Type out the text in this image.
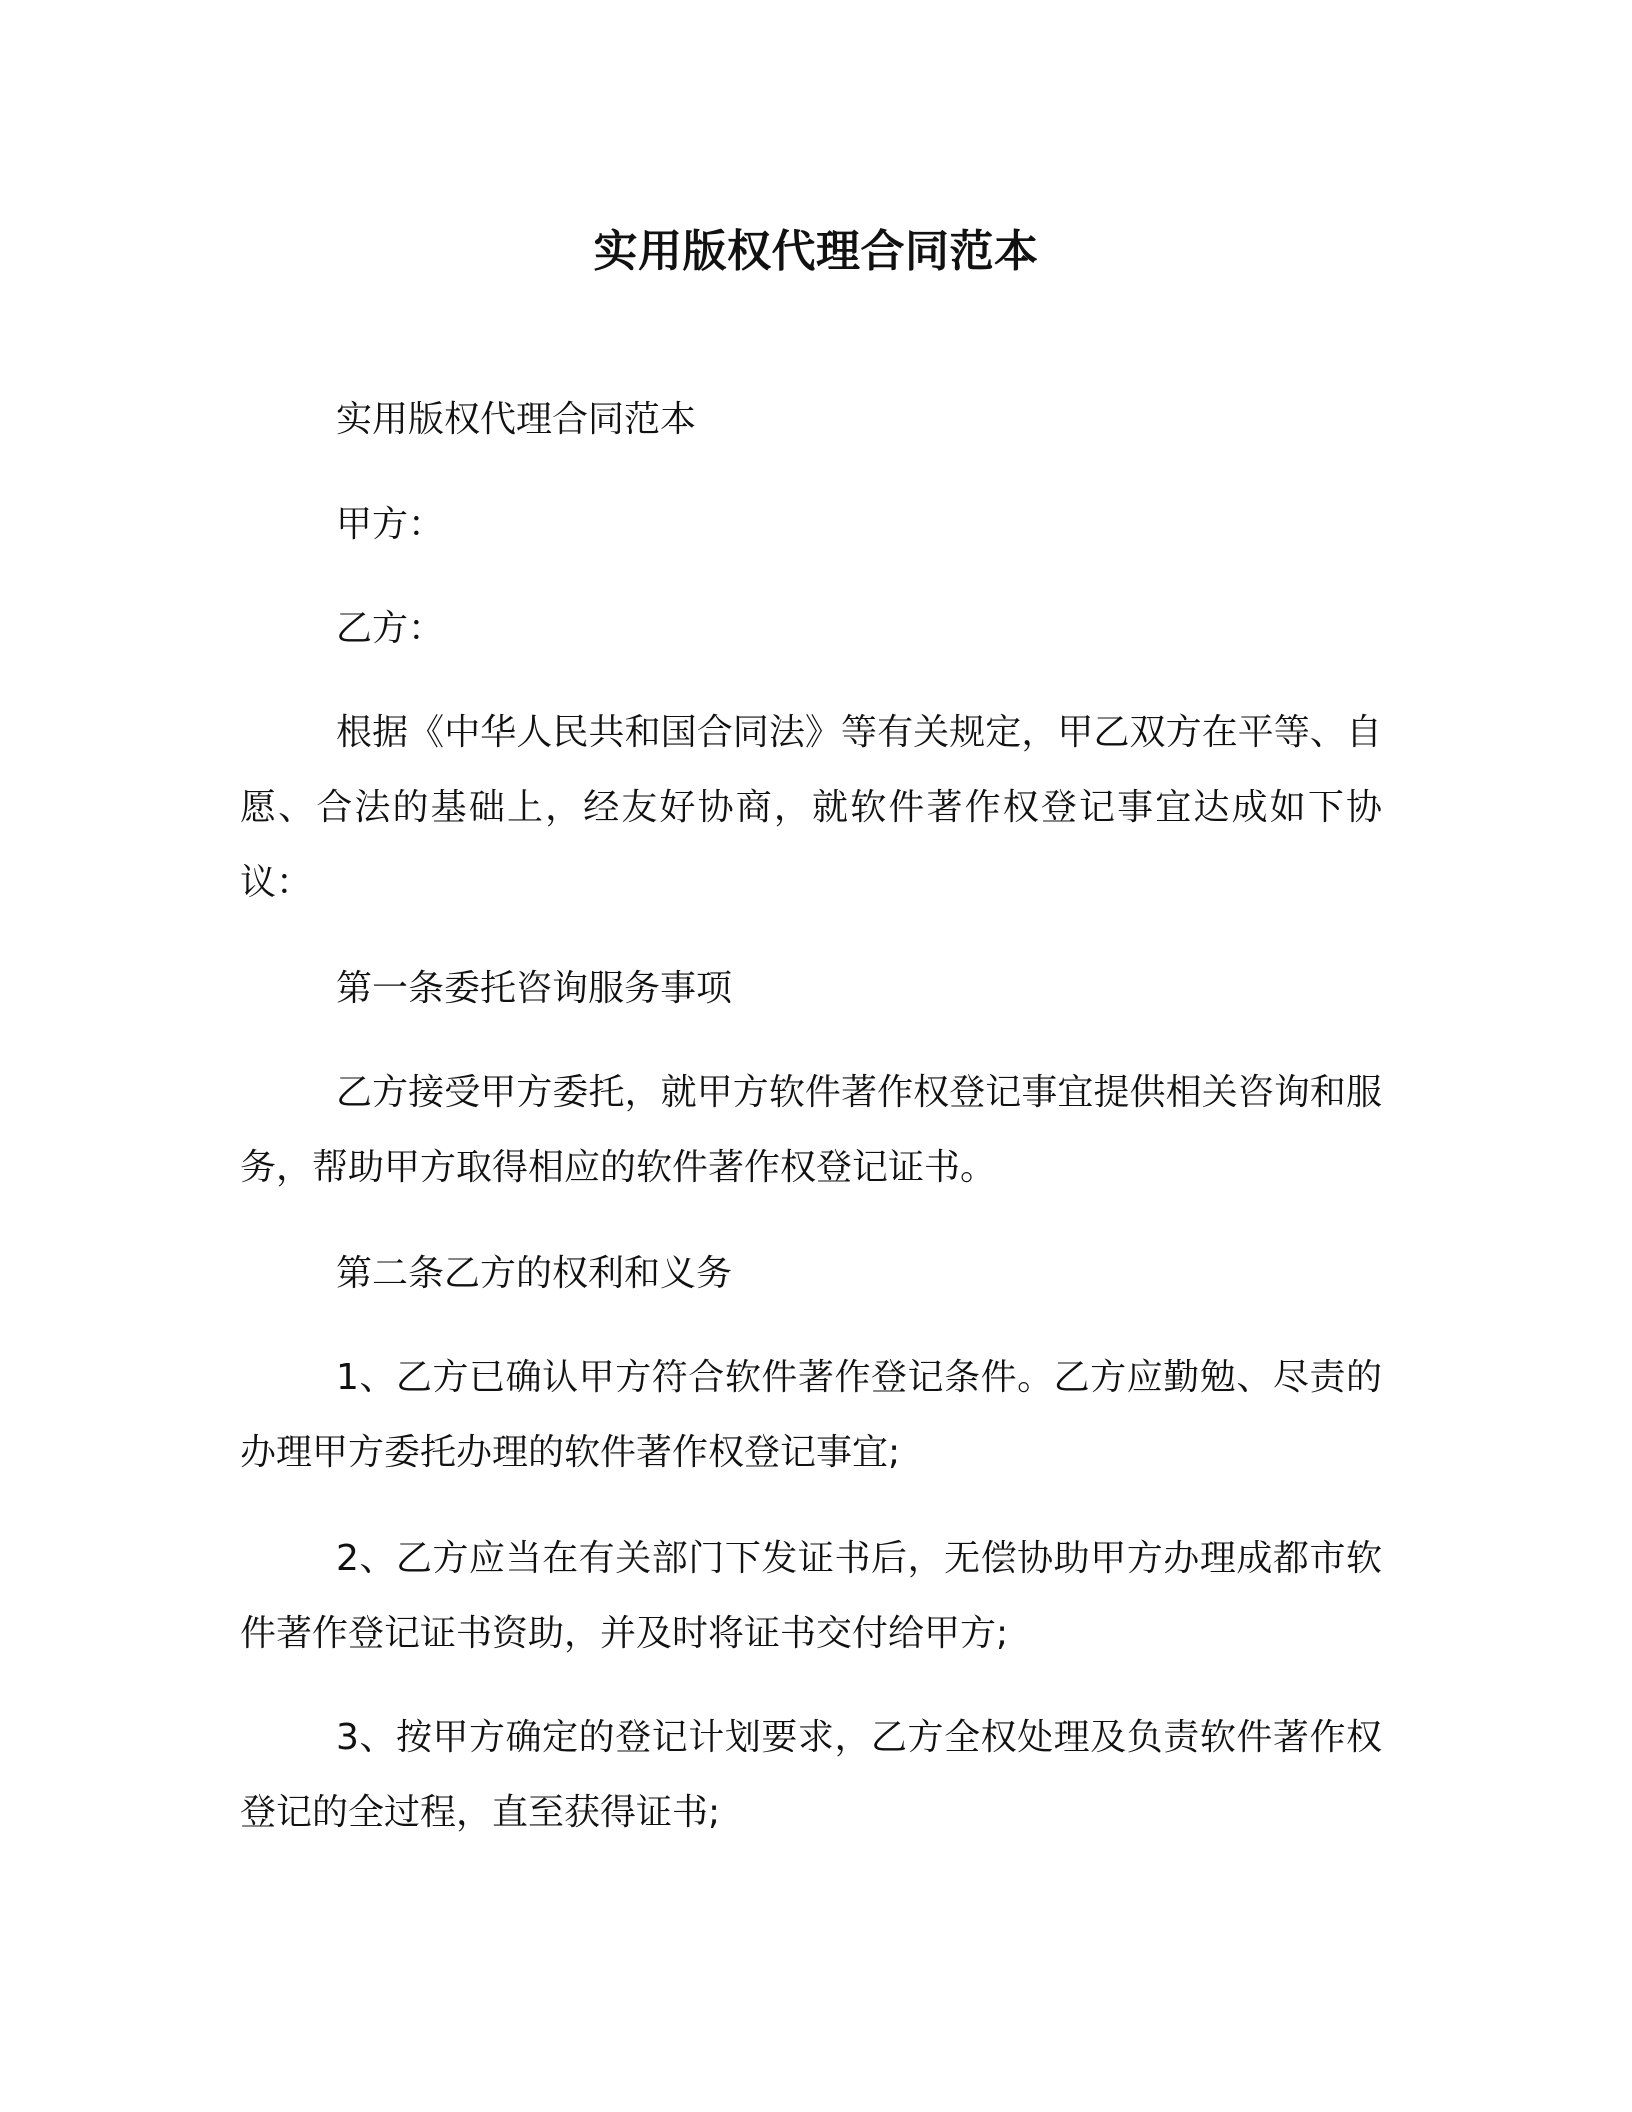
实用版权代理合同范本

实用版权代理合同范本

甲方：

乙方：

根据《中华人民共和国合同法》等有关规定，甲乙双方在平等、自愿、合法的基础上，经友好协商，就软件著作权登记事宜达成如下协议：

第一条委托咨询服务事项

乙方接受甲方委托，就甲方软件著作权登记事宜提供相关咨询和服务，帮助甲方取得相应的软件著作权登记证书。

第二条乙方的权利和义务

1、乙方已确认甲方符合软件著作登记条件。乙方应勤勉、尽责的办理甲方委托办理的软件著作权登记事宜;

2、乙方应当在有关部门下发证书后，无偿协助甲方办理成都市软件著作登记证书资助，并及时将证书交付给甲方;

3、按甲方确定的登记计划要求，乙方全权处理及负责软件著作权登记的全过程，直至获得证书;
